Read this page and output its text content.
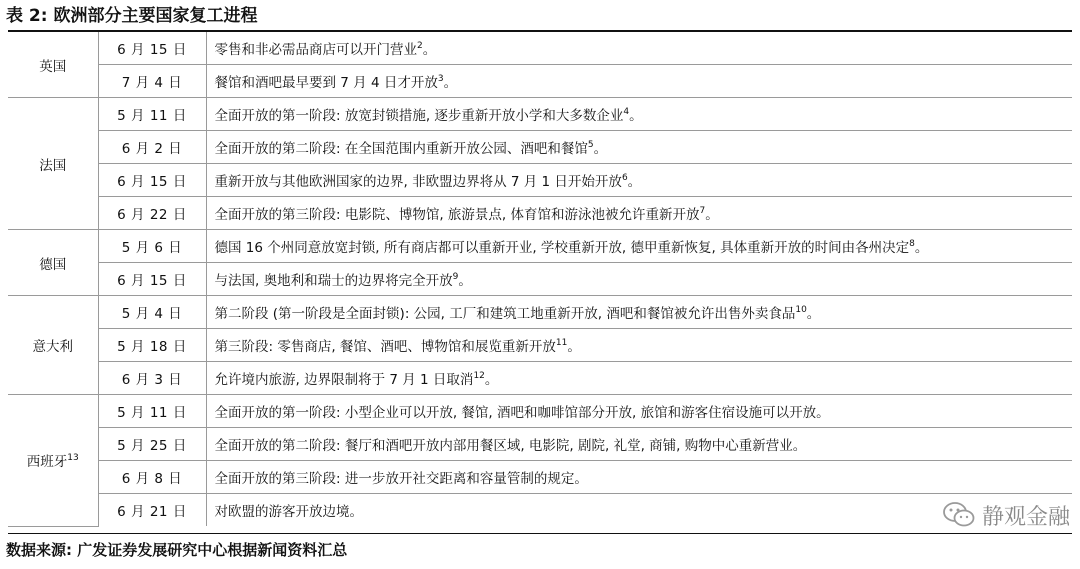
表 2: 欧洲部分主要国家复工进程
英国	6 月 15 日	零售和非必需品商店可以开门营业$^2$。
	7 月 4 日	餐馆和酒吧最早要到 7 月 4 日才开放$^3$。
法国	5 月 11 日	全面开放的第一阶段: 放宽封锁措施, 逐步重新开放小学和大多数企业$^4$。
	6 月 2 日	全面开放的第二阶段: 在全国范围内重新开放公园、酒吧和餐馆$^5$。
	6 月 15 日	重新开放与其他欧洲国家的边界, 非欧盟边界将从 7 月 1 日开始开放$^6$。
	6 月 22 日	全面开放的第三阶段: 电影院、博物馆, 旅游景点, 体育馆和游泳池被允许重新开放$^7$。
德国	5 月 6 日	德国 16 个州同意放宽封锁, 所有商店都可以重新开业, 学校重新开放, 德甲重新恢复, 具体重新开放的时间由各州决定$^8$。
	6 月 15 日	与法国, 奥地利和瑞士的边界将完全开放$^9$。
意大利	5 月 4 日	第二阶段 (第一阶段是全面封锁): 公园, 工厂和建筑工地重新开放, 酒吧和餐馆被允许出售外卖食品$^{10}$。
	5 月 18 日	第三阶段: 零售商店, 餐馆、酒吧、博物馆和展览重新开放$^{11}$。
	6 月 3 日	允许境内旅游, 边界限制将于 7 月 1 日取消$^{12}$。
西班牙$^{13}$	5 月 11 日	全面开放的第一阶段: 小型企业可以开放, 餐馆, 酒吧和咖啡馆部分开放, 旅馆和游客住宿设施可以开放。
	5 月 25 日	全面开放的第二阶段: 餐厅和酒吧开放内部用餐区域, 电影院, 剧院, 礼堂, 商铺, 购物中心重新营业。
	6 月 8 日	全面开放的第三阶段: 进一步放开社交距离和容量管制的规定。
	6 月 21 日	对欧盟的游客开放边境。	静观金融
数据来源: 广发证券发展研究中心根据新闻资料汇总
